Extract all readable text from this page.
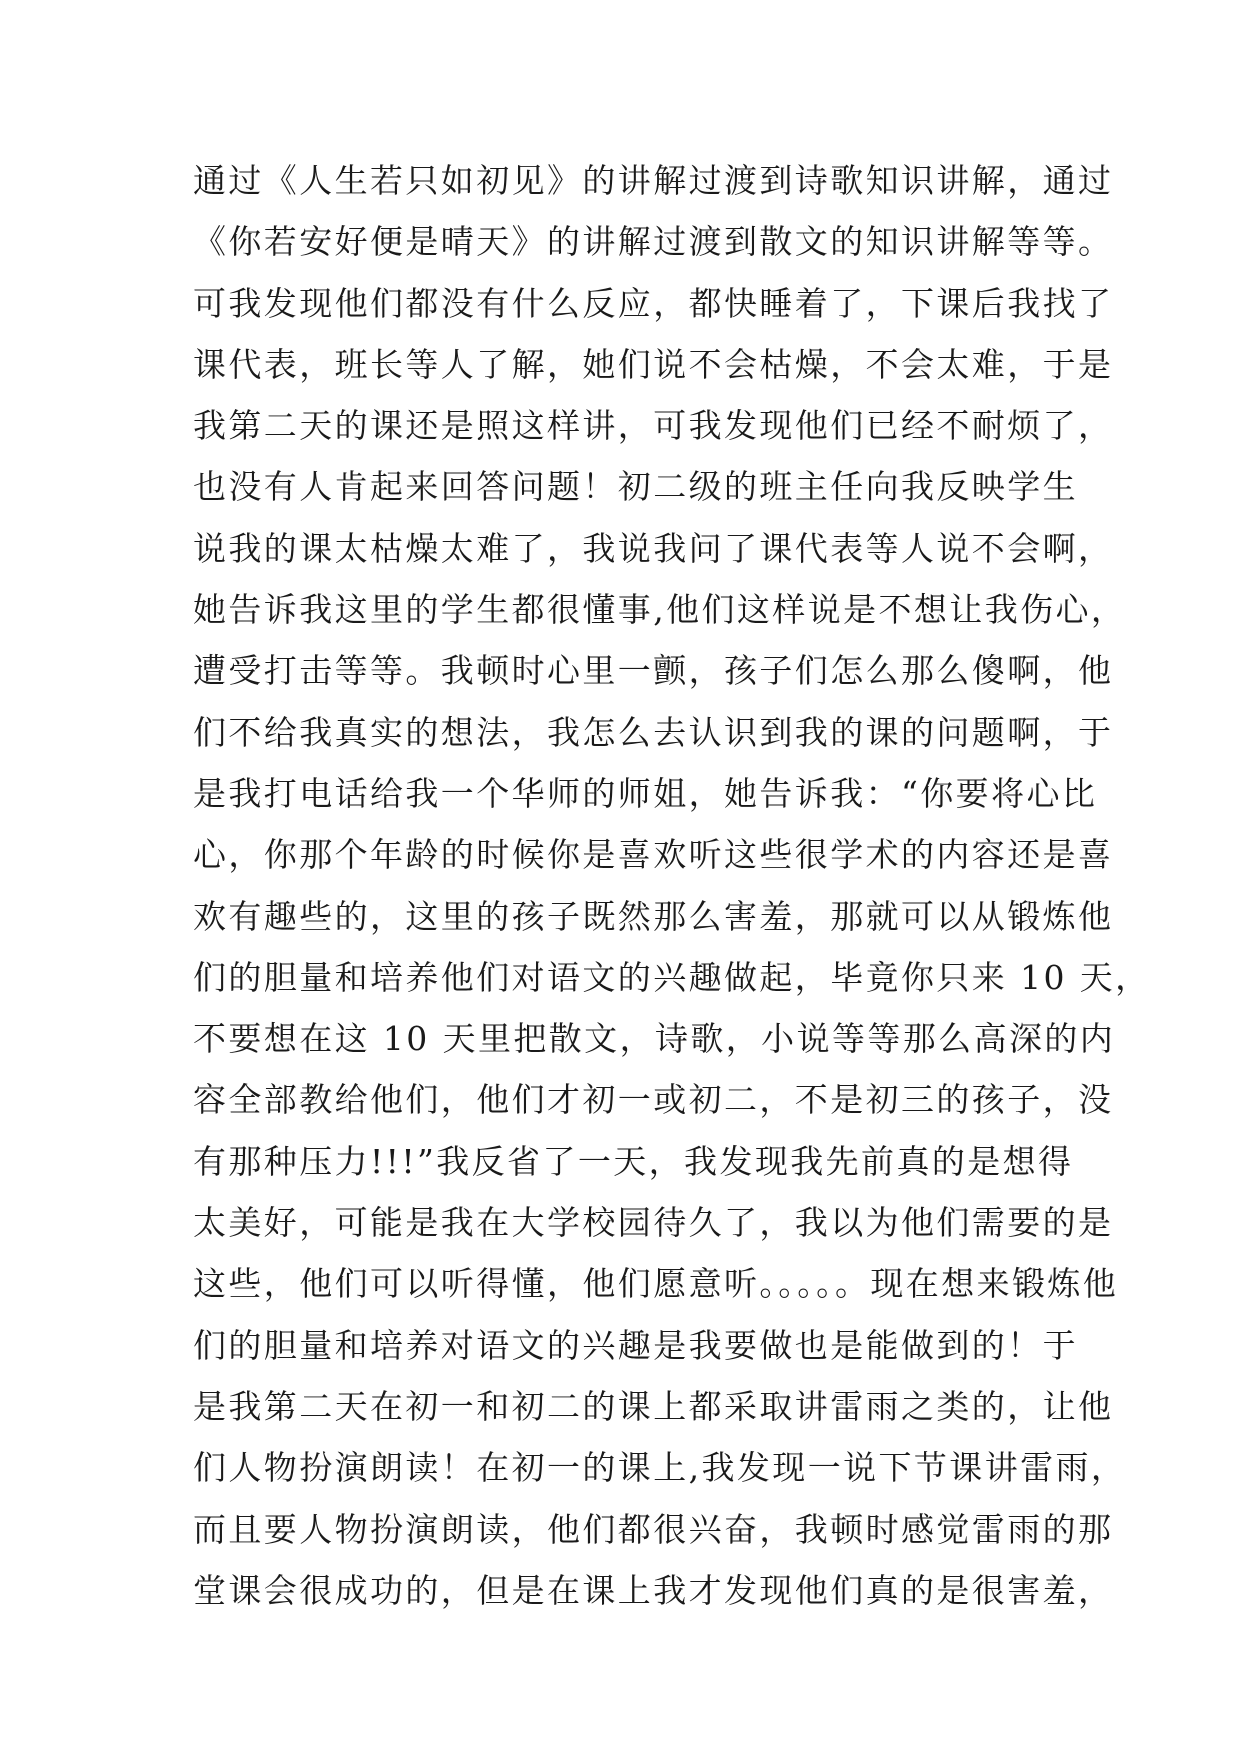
通过《人生若只如初见》的讲解过渡到诗歌知识讲解，通过
《你若安好便是晴天》的讲解过渡到散文的知识讲解等等。
可我发现他们都没有什么反应，都快睡着了，下课后我找了
课代表，班长等人了解，她们说不会枯燥，不会太难，于是
我第二天的课还是照这样讲，可我发现他们已经不耐烦了，
也没有人肯起来回答问题！初二级的班主任向我反映学生
说我的课太枯燥太难了，我说我问了课代表等人说不会啊，
她告诉我这里的学生都很懂事,他们这样说是不想让我伤心，
遭受打击等等。我顿时心里一颤，孩子们怎么那么傻啊，他
们不给我真实的想法，我怎么去认识到我的课的问题啊，于
是我打电话给我一个华师的师姐，她告诉我：“你要将心比
心，你那个年龄的时候你是喜欢听这些很学术的内容还是喜
欢有趣些的，这里的孩子既然那么害羞，那就可以从锻炼他
们的胆量和培养他们对语文的兴趣做起，毕竟你只来 10 天，
不要想在这 10 天里把散文，诗歌，小说等等那么高深的内
容全部教给他们，他们才初一或初二，不是初三的孩子，没
有那种压力!!!”我反省了一天，我发现我先前真的是想得
太美好，可能是我在大学校园待久了，我以为他们需要的是
这些，他们可以听得懂，他们愿意听。。。。。现在想来锻炼他
们的胆量和培养对语文的兴趣是我要做也是能做到的！于
是我第二天在初一和初二的课上都采取讲雷雨之类的，让他
们人物扮演朗读！在初一的课上,我发现一说下节课讲雷雨，
而且要人物扮演朗读，他们都很兴奋，我顿时感觉雷雨的那
堂课会很成功的，但是在课上我才发现他们真的是很害羞，
